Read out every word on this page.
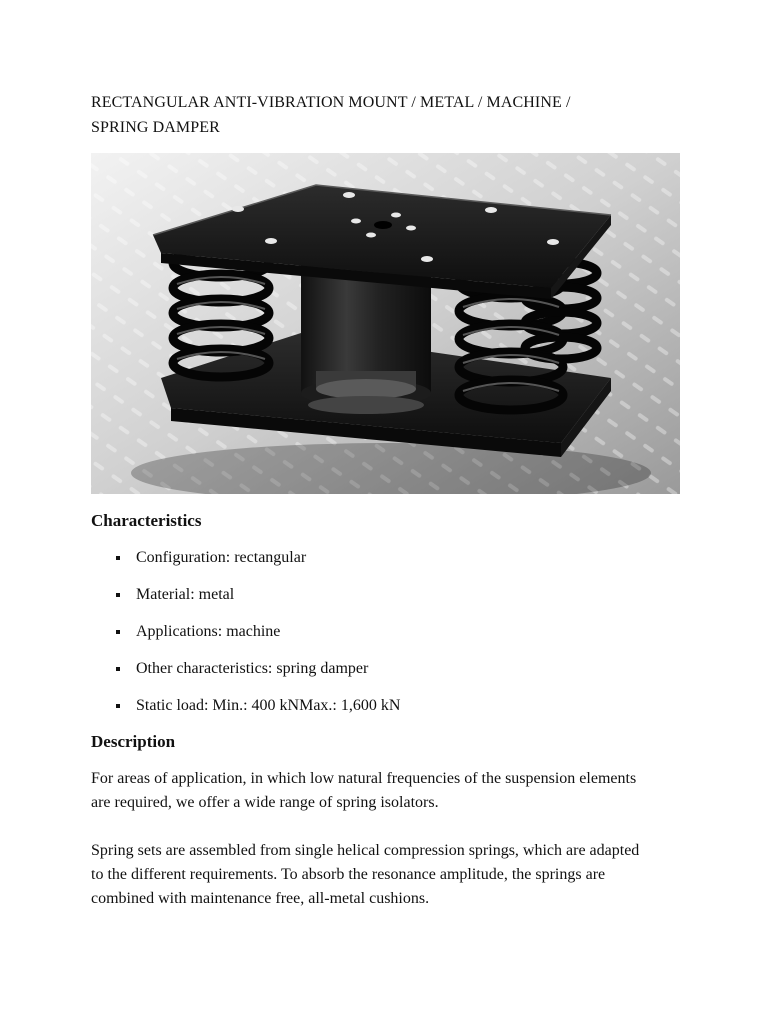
RECTANGULAR ANTI-VIBRATION MOUNT / METAL / MACHINE /
SPRING DAMPER
Characteristics
Configuration: rectangular
Material: metal
Applications: machine
Other characteristics: spring damper
Static load: Min.: 400 kNMax.: 1,600 kN
Description

For areas of application, in which low natural frequencies of the suspension elements are required, we offer a wide range of spring isolators.

Spring sets are assembled from single helical compression springs, which are adapted to the different requirements. To absorb the resonance amplitude, the springs are combined with maintenance free, all-metal cushions.
